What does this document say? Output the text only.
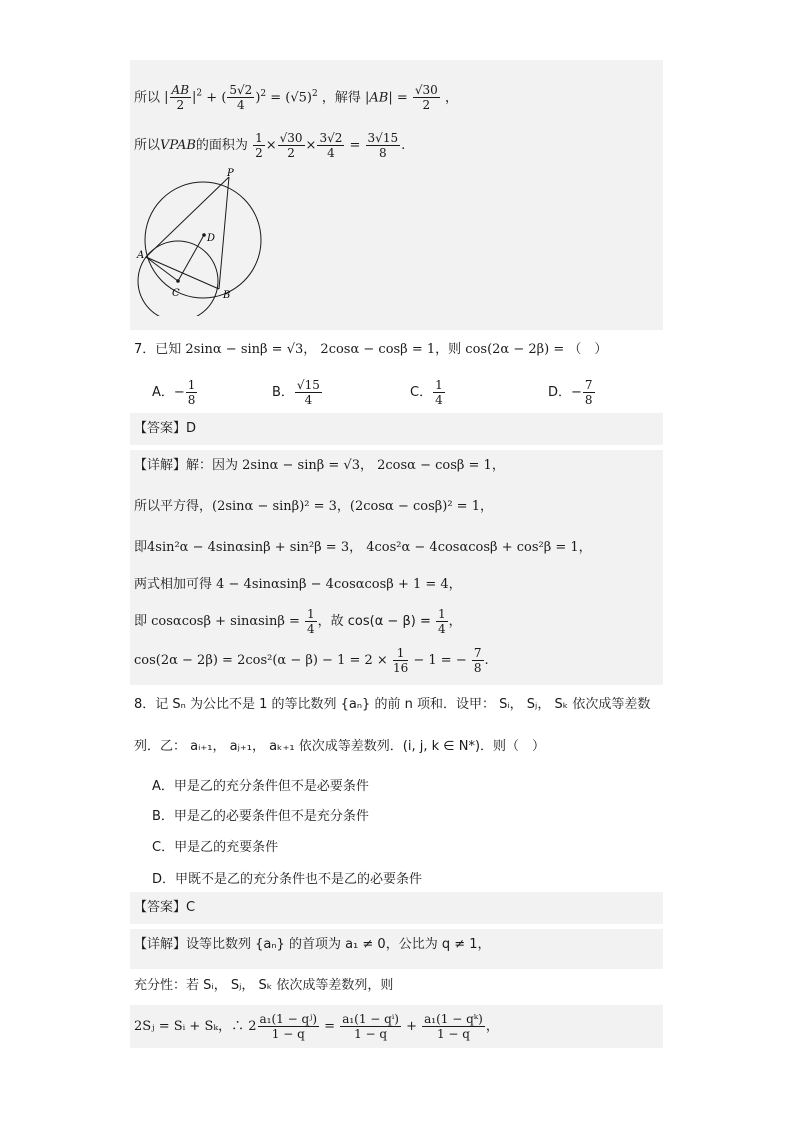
所以 | $\frac{AB}{2} |^2$ + ( $\frac{5√2}{4} )^2 = (√5)^2$ ，解得 $|AB| = \frac{√30}{2}$ ，
所以VPAB的面积为 $\frac{1}{2} \times \frac{√30}{2} \times \frac{3√2}{4} = \frac{3√15}{8}$ .
P
D
A
C	B
7．已知 2sinα − sinβ = √3， 2cosα − cosβ = 1，则 cos(2α − 2β) = （　）
A．− $\frac{1}{8}$	B． $\frac{√15}{4}$	C． $\frac{1}{4}$	D．− $\frac{7}{8}$
【答案】D
【详解】解：因为 2sinα − sinβ = √3， 2cosα − cosβ = 1，
所以平方得，(2sinα − sinβ)² = 3，(2cosα − cosβ)² = 1，
即4sin²α − 4sinαsinβ + sin²β = 3， 4cos²α − 4cosαcosβ + cos²β = 1，
两式相加可得 4 − 4sinαsinβ − 4cosαcosβ + 1 = 4，
即 $\cos\alpha\cos\beta + \sin\alpha\sin\beta = \frac{1}{4}$ ，故 $\cos(\alpha - \beta) = \frac{1}{4}$ ，
$\cos(2\alpha - 2\beta) = 2\cos^2(\alpha - \beta) - 1 = 2 \times \frac{1}{16} - 1$ = − $\frac{7}{8}$ .
8．记 Sₙ 为公比不是 1 的等比数列 {aₙ} 的前 n 项和．设甲： Sᵢ， Sⱼ， Sₖ 依次成等差数
列．乙： aᵢ₊₁， aⱼ₊₁， aₖ₊₁ 依次成等差数列．(i, j, k ∈ N*)．则（　）
A．甲是乙的充分条件但不是必要条件
B．甲是乙的必要条件但不是充分条件
C．甲是乙的充要条件
D．甲既不是乙的充分条件也不是乙的必要条件
【答案】C
【详解】设等比数列 {aₙ} 的首项为 a₁ ≠ 0，公比为 q ≠ 1，
充分性：若 Sᵢ， Sⱼ， Sₖ 依次成等差数列，则
2Sⱼ = Sᵢ + Sₖ，∴ $2 \frac{\text{a₁(1 − qʲ)}}{1 - q} = \frac{\text{a₁(1 − qⁱ)}}{1 - q} + \frac{\text{a₁(1 − qᵏ)}}{1 - q}$ ，
